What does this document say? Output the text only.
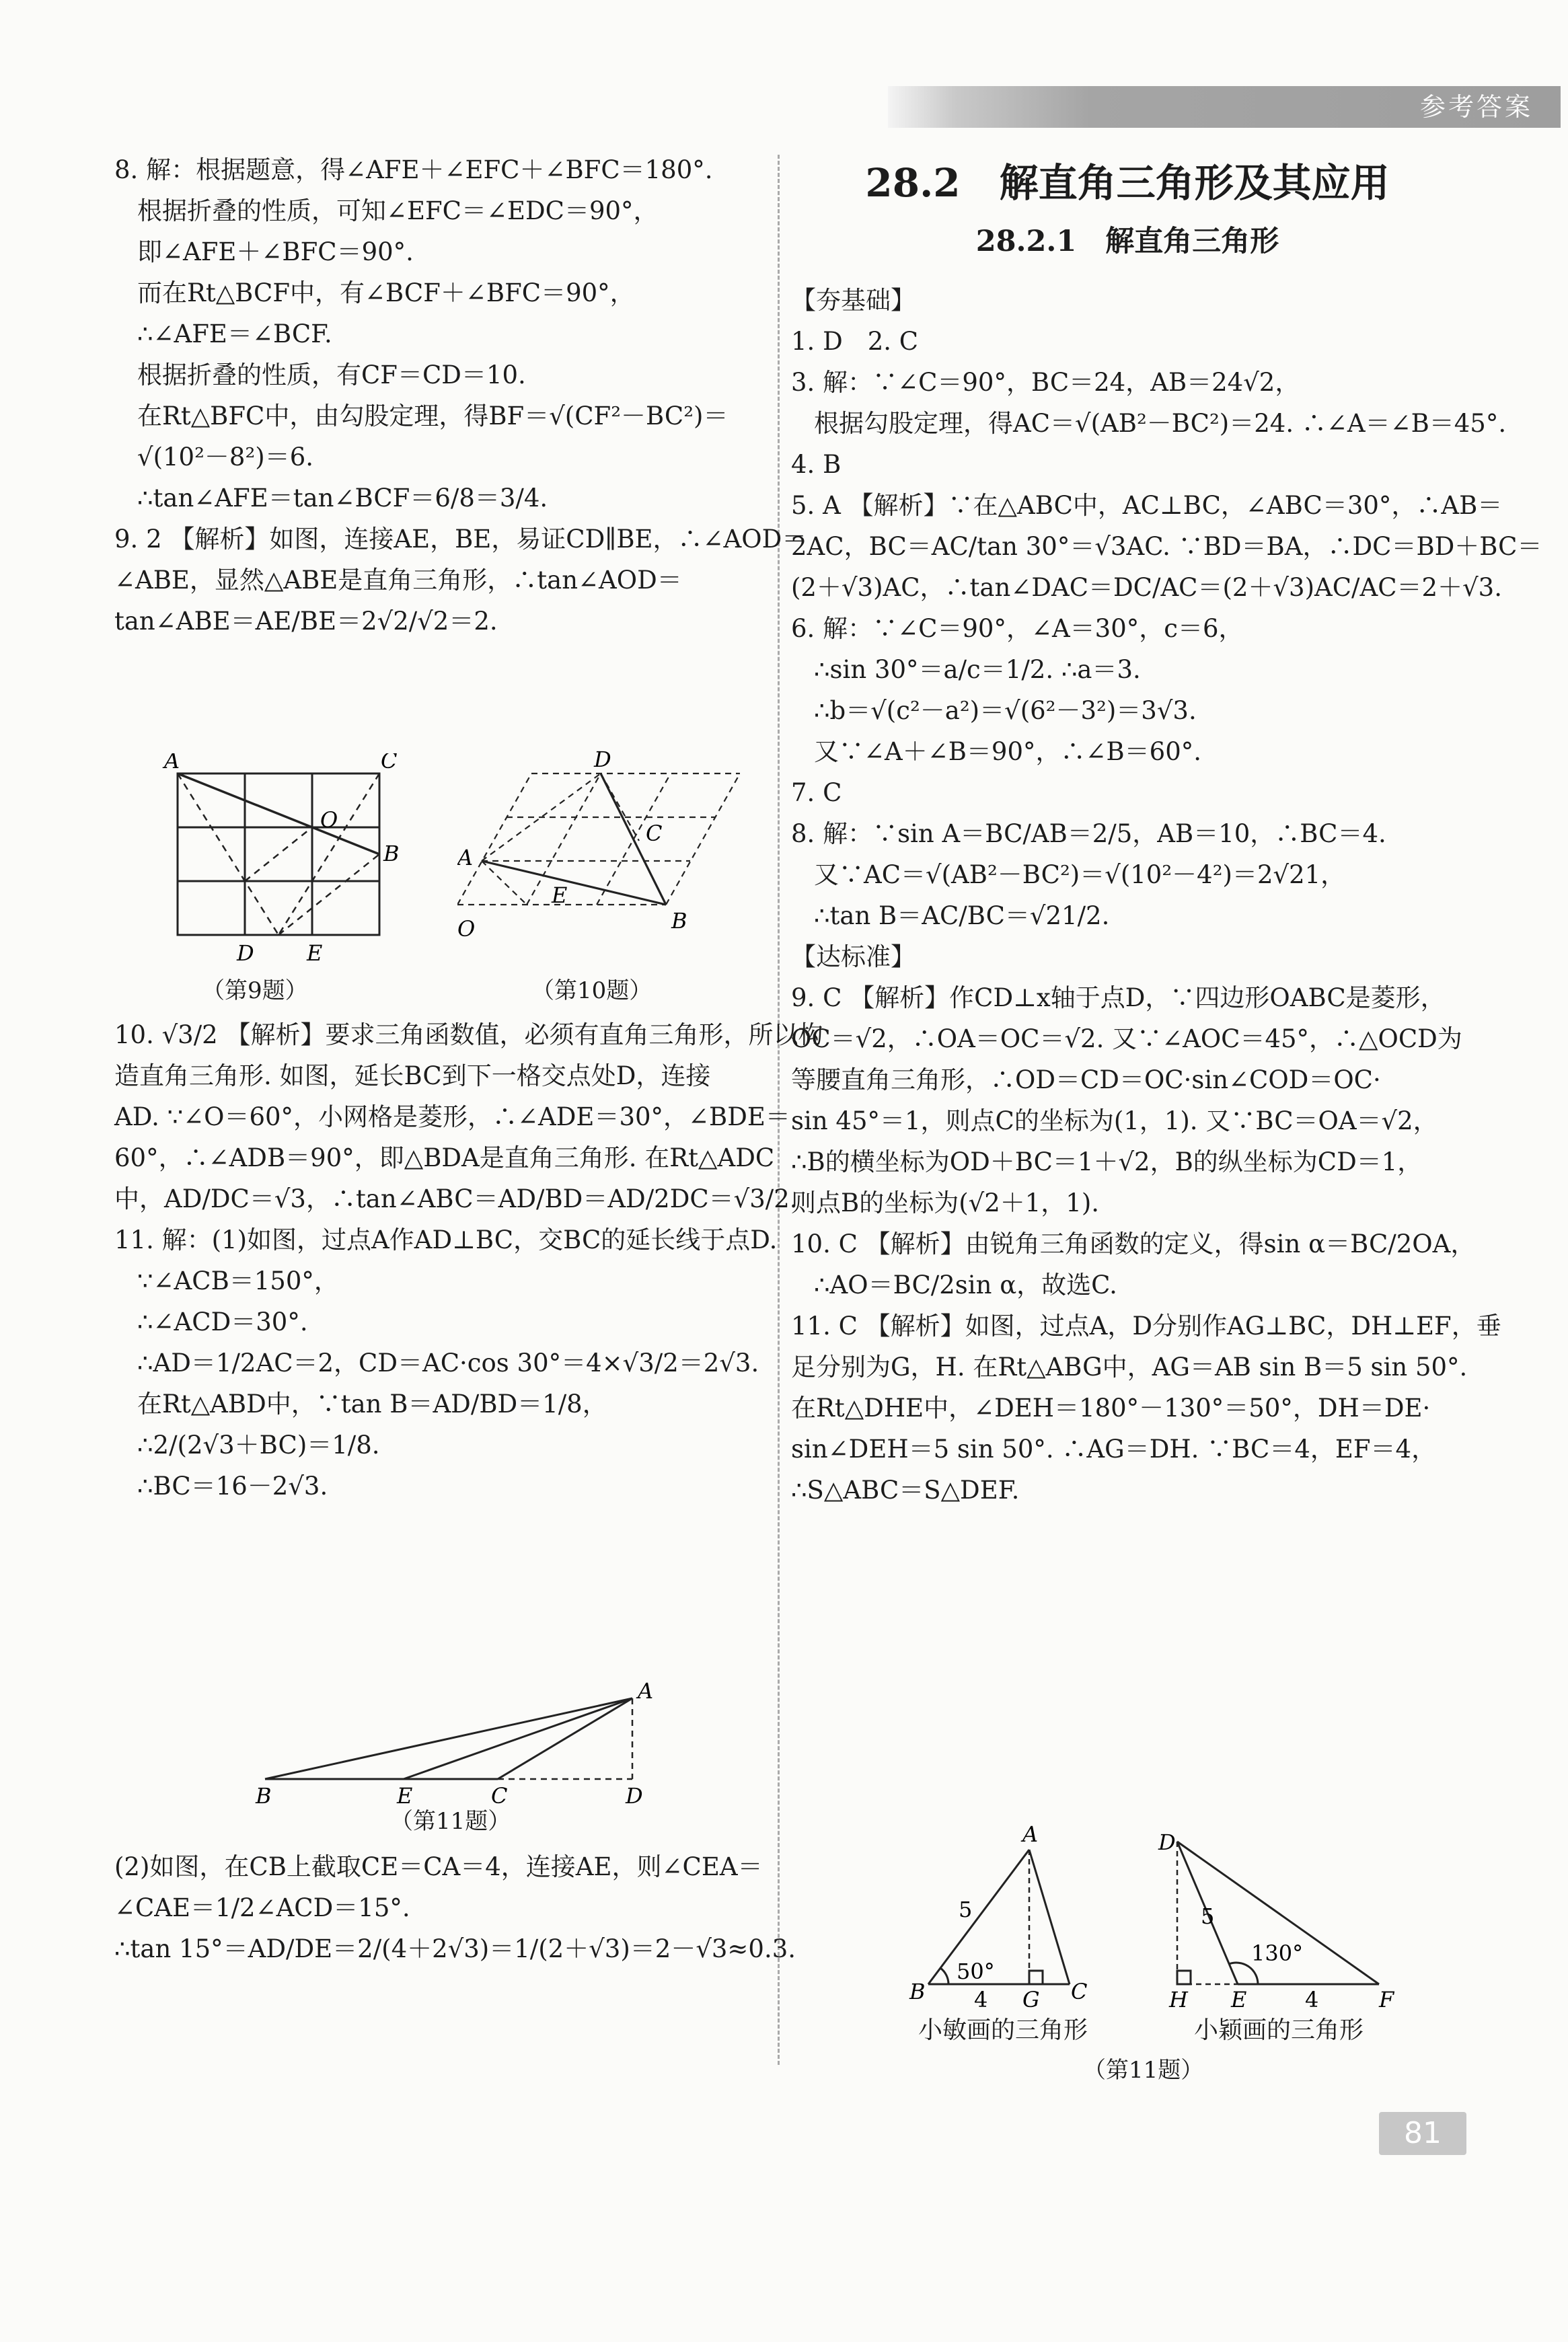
参考答案
8. 解：根据题意，得∠AFE＋∠EFC＋∠BFC＝180°.
根据折叠的性质，可知∠EFC＝∠EDC＝90°，
即∠AFE＋∠BFC＝90°.
而在Rt△BCF中，有∠BCF＋∠BFC＝90°，
∴∠AFE＝∠BCF.
根据折叠的性质，有CF＝CD＝10.
在Rt△BFC中，由勾股定理，得BF＝√(CF²－BC²)＝
√(10²－8²)＝6.
∴tan∠AFE＝tan∠BCF＝6/8＝3/4.
9. 2 【解析】如图，连接AE，BE，易证CD∥BE，∴∠AOD＝
∠ABE，显然△ABE是直角三角形，∴tan∠AOD＝
tan∠ABE＝AE/BE＝2√2/√2＝2.
A	C
O
B
D E
（第9题）
D
A
C
E
O	B
（第10题）
10. √3/2 【解析】要求三角函数值，必须有直角三角形，所以构
造直角三角形. 如图，延长BC到下一格交点处D，连接
AD. ∵∠O＝60°，小网格是菱形，∴∠ADE＝30°，∠BDE＝
60°，∴∠ADB＝90°，即△BDA是直角三角形. 在Rt△ADC
中，AD/DC＝√3，∴tan∠ABC＝AD/BD＝AD/2DC＝√3/2.
11. 解：(1)如图，过点A作AD⊥BC，交BC的延长线于点D.
∵∠ACB＝150°，
∴∠ACD＝30°.
∴AD＝1/2AC＝2，CD＝AC·cos 30°＝4×√3/2＝2√3.
在Rt△ABD中，∵tan B＝AD/BD＝1/8，
∴2/(2√3＋BC)＝1/8.
∴BC＝16－2√3.
A
B	E	C	D
（第11题）
(2)如图，在CB上截取CE＝CA＝4，连接AE，则∠CEA＝
∠CAE＝1/2∠ACD＝15°.
∴tan 15°＝AD/DE＝2/(4＋2√3)＝1/(2＋√3)＝2－√3≈0.3.
28.2　解直角三角形及其应用
28.2.1　解直角三角形
【夯基础】
1. D　2. C
3. 解：∵∠C＝90°，BC＝24，AB＝24√2，
根据勾股定理，得AC＝√(AB²－BC²)＝24. ∴∠A＝∠B＝45°.
4. B
5. A 【解析】∵在△ABC中，AC⊥BC，∠ABC＝30°，∴AB＝
2AC，BC＝AC/tan 30°＝√3AC. ∵BD＝BA，∴DC＝BD＋BC＝
(2＋√3)AC，∴tan∠DAC＝DC/AC＝(2＋√3)AC/AC＝2＋√3.
6. 解：∵∠C＝90°，∠A＝30°，c＝6，
∴sin 30°＝a/c＝1/2. ∴a＝3.
∴b＝√(c²－a²)＝√(6²－3²)＝3√3.
又∵∠A＋∠B＝90°，∴∠B＝60°.
7. C
8. 解：∵sin A＝BC/AB＝2/5，AB＝10，∴BC＝4.
又∵AC＝√(AB²－BC²)＝√(10²－4²)＝2√21，
∴tan B＝AC/BC＝√21/2.
【达标准】
9. C 【解析】作CD⊥x轴于点D，∵四边形OABC是菱形，
OC＝√2，∴OA＝OC＝√2. 又∵∠AOC＝45°，∴△OCD为
等腰直角三角形，∴OD＝CD＝OC·sin∠COD＝OC·
sin 45°＝1，则点C的坐标为(1，1). 又∵BC＝OA＝√2，
∴B的横坐标为OD＋BC＝1＋√2，B的纵坐标为CD＝1，
则点B的坐标为(√2＋1，1).
10. C 【解析】由锐角三角函数的定义，得sin α＝BC/2OA，
∴AO＝BC/2sin α，故选C.
11. C 【解析】如图，过点A，D分别作AG⊥BC，DH⊥EF，垂
足分别为G，H. 在Rt△ABG中，AG＝AB sin B＝5 sin 50°.
在Rt△DHE中，∠DEH＝180°－130°＝50°，DH＝DE·
sin∠DEH＝5 sin 50°. ∴AG＝DH. ∵BC＝4，EF＝4，
∴S△ABC＝S△DEF.
A
B	G C
5
50°
4
D
H E	F
5
130°
4
小敏画的三角形	小颖画的三角形
（第11题）
81
